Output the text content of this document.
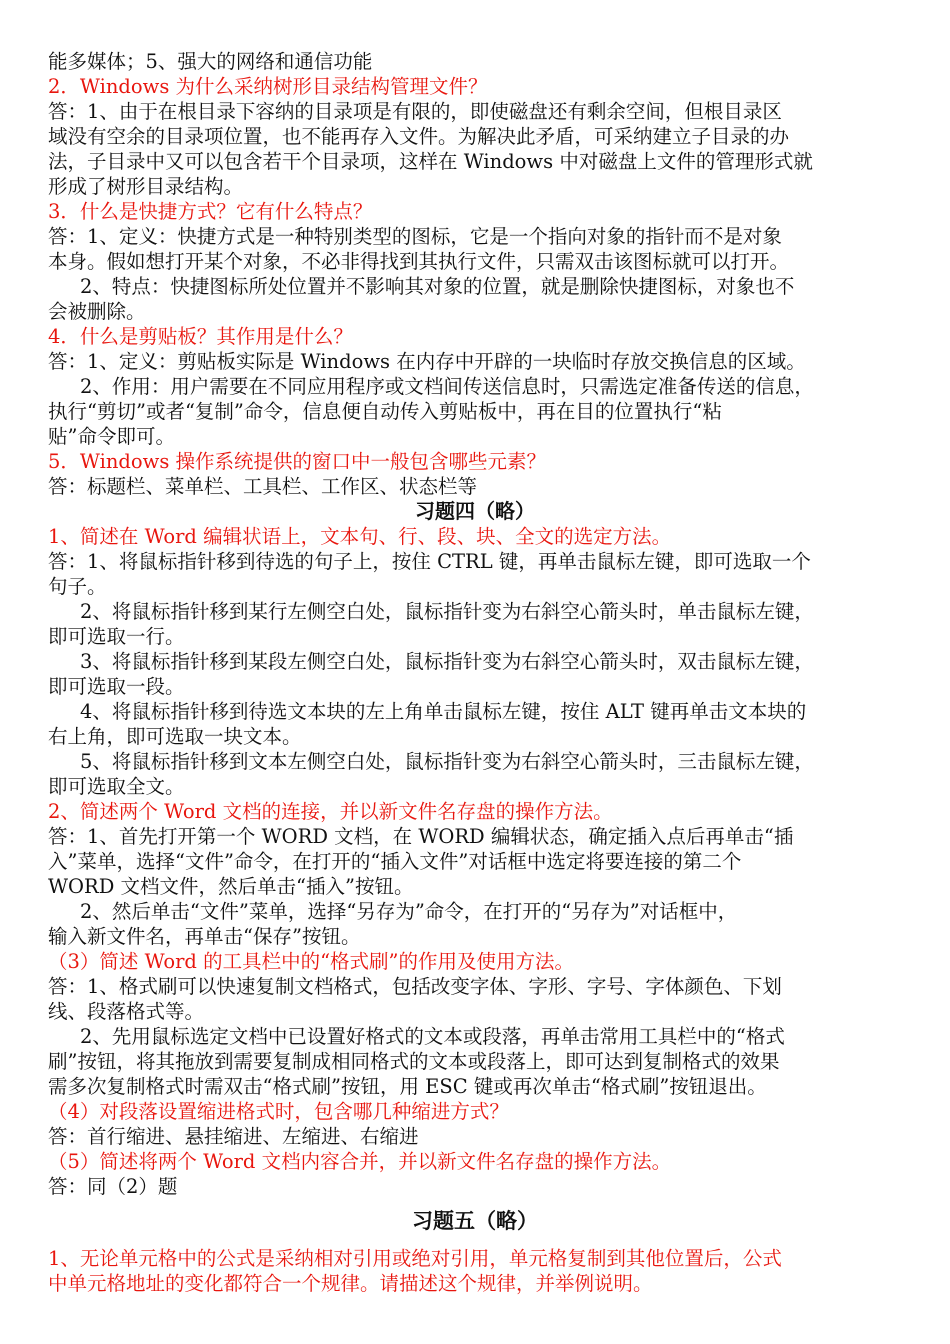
能多媒体；5、强大的网络和通信功能
2．Windows 为什么采纳树形目录结构管理文件？
答：1、由于在根目录下容纳的目录项是有限的，即使磁盘还有剩余空间，但根目录区
域没有空余的目录项位置，也不能再存入文件。为解决此矛盾，可采纳建立子目录的办
法，子目录中又可以包含若干个目录项，这样在 Windows 中对磁盘上文件的管理形式就
形成了树形目录结构。
3．什么是快捷方式？它有什么特点？
答：1、定义：快捷方式是一种特别类型的图标，它是一个指向对象的指针而不是对象
本身。假如想打开某个对象，不必非得找到其执行文件，只需双击该图标就可以打开。
2、特点：快捷图标所处位置并不影响其对象的位置，就是删除快捷图标，对象也不
会被删除。
4．什么是剪贴板？其作用是什么？
答：1、定义：剪贴板实际是 Windows 在内存中开辟的一块临时存放交换信息的区域。
2、作用：用户需要在不同应用程序或文档间传送信息时，只需选定准备传送的信息，
执行“剪切”或者“复制”命令，信息便自动传入剪贴板中，再在目的位置执行“粘
贴”命令即可。
5．Windows 操作系统提供的窗口中一般包含哪些元素？
答：标题栏、菜单栏、工具栏、工作区、状态栏等
习题四（略）
1、简述在 Word 编辑状语上，文本句、行、段、块、全文的选定方法。
答：1、将鼠标指针移到待选的句子上，按住 CTRL 键，再单击鼠标左键，即可选取一个
句子。
2、将鼠标指针移到某行左侧空白处，鼠标指针变为右斜空心箭头时，单击鼠标左键，
即可选取一行。
3、将鼠标指针移到某段左侧空白处，鼠标指针变为右斜空心箭头时，双击鼠标左键，
即可选取一段。
4、将鼠标指针移到待选文本块的左上角单击鼠标左键，按住 ALT 键再单击文本块的
右上角，即可选取一块文本。
5、将鼠标指针移到文本左侧空白处，鼠标指针变为右斜空心箭头时，三击鼠标左键，
即可选取全文。
2、简述两个 Word 文档的连接，并以新文件名存盘的操作方法。
答：1、首先打开第一个 WORD 文档，在 WORD 编辑状态，确定插入点后再单击“插
入”菜单，选择“文件”命令，在打开的“插入文件”对话框中选定将要连接的第二个
WORD 文档文件，然后单击“插入”按钮。
2、然后单击“文件”菜单，选择“另存为”命令，在打开的“另存为”对话框中，
输入新文件名，再单击“保存”按钮。
（3）简述 Word 的工具栏中的“格式刷”的作用及使用方法。
答：1、格式刷可以快速复制文档格式，包括改变字体、字形、字号、字体颜色、下划
线、段落格式等。
2、先用鼠标选定文档中已设置好格式的文本或段落，再单击常用工具栏中的“格式
刷”按钮，将其拖放到需要复制成相同格式的文本或段落上，即可达到复制格式的效果
需多次复制格式时需双击“格式刷”按钮，用 ESC 键或再次单击“格式刷”按钮退出。
（4）对段落设置缩进格式时，包含哪几种缩进方式？
答：首行缩进、悬挂缩进、左缩进、右缩进
（5）简述将两个 Word 文档内容合并，并以新文件名存盘的操作方法。
答：同（2）题
习题五（略）
1、无论单元格中的公式是采纳相对引用或绝对引用，单元格复制到其他位置后，公式
中单元格地址的变化都符合一个规律。请描述这个规律，并举例说明。
